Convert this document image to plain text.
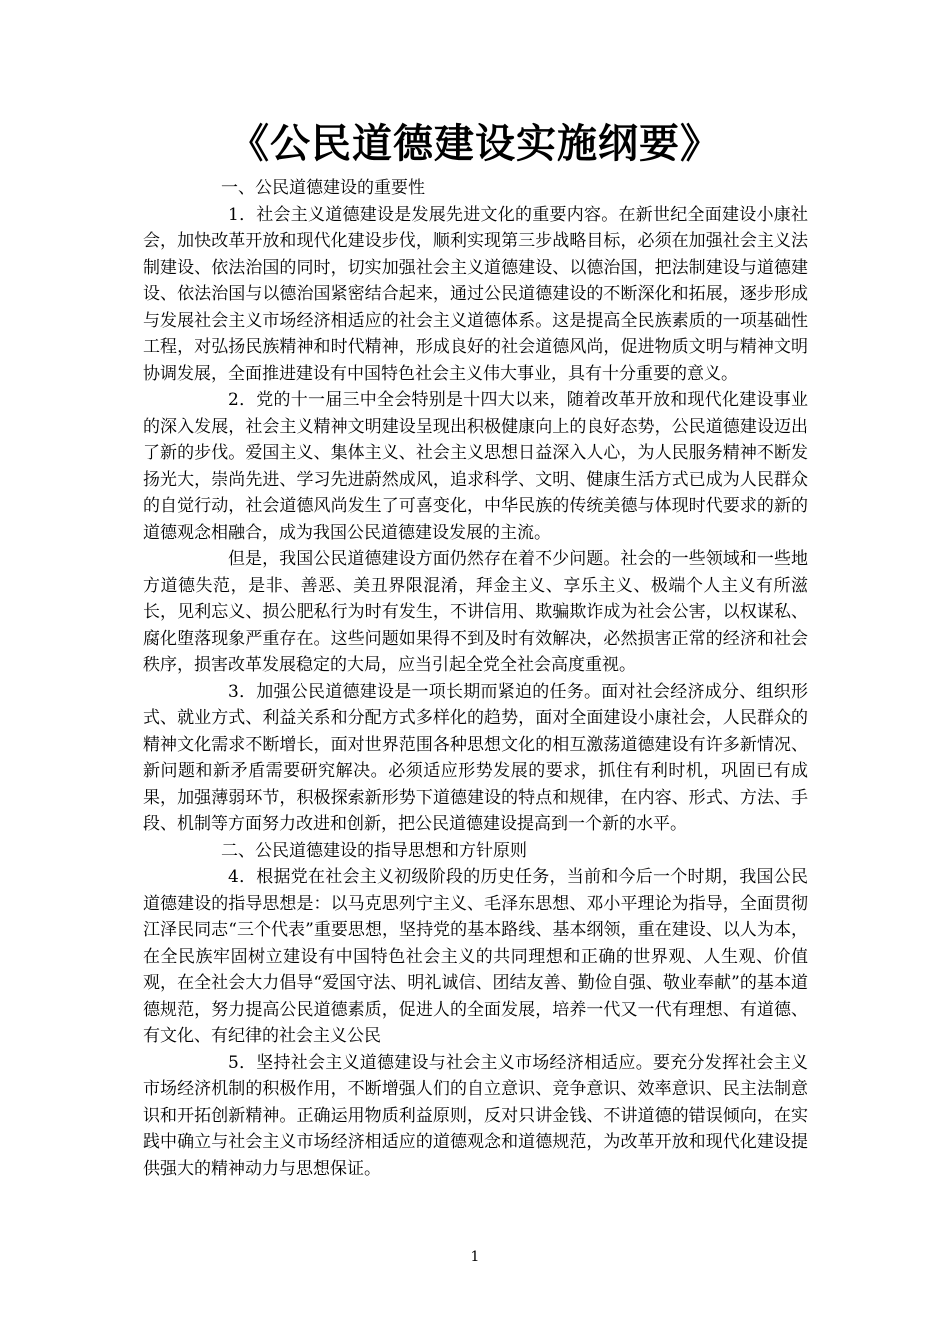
《公民道德建设实施纲要》

一、公民道德建设的重要性

1．社会主义道德建设是发展先进文化的重要内容。在新世纪全面建设小康社会，加快改革开放和现代化建设步伐，顺利实现第三步战略目标，必须在加强社会主义法制建设、依法治国的同时，切实加强社会主义道德建设、以德治国，把法制建设与道德建设、依法治国与以德治国紧密结合起来，通过公民道德建设的不断深化和拓展，逐步形成与发展社会主义市场经济相适应的社会主义道德体系。这是提高全民族素质的一项基础性工程，对弘扬民族精神和时代精神，形成良好的社会道德风尚，促进物质文明与精神文明协调发展，全面推进建设有中国特色社会主义伟大事业，具有十分重要的意义。

2．党的十一届三中全会特别是十四大以来，随着改革开放和现代化建设事业的深入发展，社会主义精神文明建设呈现出积极健康向上的良好态势，公民道德建设迈出了新的步伐。爱国主义、集体主义、社会主义思想日益深入人心，为人民服务精神不断发扬光大，崇尚先进、学习先进蔚然成风，追求科学、文明、健康生活方式已成为人民群众的自觉行动，社会道德风尚发生了可喜变化，中华民族的传统美德与体现时代要求的新的道德观念相融合，成为我国公民道德建设发展的主流。

但是，我国公民道德建设方面仍然存在着不少问题。社会的一些领域和一些地方道德失范，是非、善恶、美丑界限混淆，拜金主义、享乐主义、极端个人主义有所滋长，见利忘义、损公肥私行为时有发生，不讲信用、欺骗欺诈成为社会公害，以权谋私、腐化堕落现象严重存在。这些问题如果得不到及时有效解决，必然损害正常的经济和社会秩序，损害改革发展稳定的大局，应当引起全党全社会高度重视。

3．加强公民道德建设是一项长期而紧迫的任务。面对社会经济成分、组织形式、就业方式、利益关系和分配方式多样化的趋势，面对全面建设小康社会，人民群众的精神文化需求不断增长，面对世界范围各种思想文化的相互激荡道德建设有许多新情况、新问题和新矛盾需要研究解决。必须适应形势发展的要求，抓住有利时机，巩固已有成果，加强薄弱环节，积极探索新形势下道德建设的特点和规律，在内容、形式、方法、手段、机制等方面努力改进和创新，把公民道德建设提高到一个新的水平。

二、公民道德建设的指导思想和方针原则

4．根据党在社会主义初级阶段的历史任务，当前和今后一个时期，我国公民道德建设的指导思想是：以马克思列宁主义、毛泽东思想、邓小平理论为指导，全面贯彻江泽民同志“三个代表”重要思想，坚持党的基本路线、基本纲领，重在建设、以人为本，在全民族牢固树立建设有中国特色社会主义的共同理想和正确的世界观、人生观、价值观，在全社会大力倡导“爱国守法、明礼诚信、团结友善、勤俭自强、敬业奉献”的基本道德规范，努力提高公民道德素质，促进人的全面发展，培养一代又一代有理想、有道德、有文化、有纪律的社会主义公民

5．坚持社会主义道德建设与社会主义市场经济相适应。要充分发挥社会主义市场经济机制的积极作用，不断增强人们的自立意识、竞争意识、效率意识、民主法制意识和开拓创新精神。正确运用物质利益原则，反对只讲金钱、不讲道德的错误倾向，在实践中确立与社会主义市场经济相适应的道德观念和道德规范，为改革开放和现代化建设提供强大的精神动力与思想保证。

1
